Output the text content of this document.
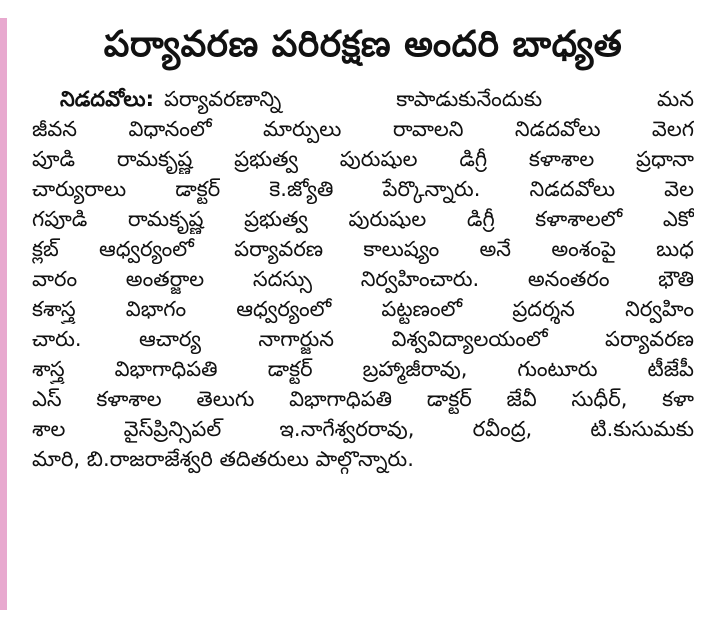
పర్యావరణ పరిరక్షణ అందరి బాధ్యత
నిడదవోలు: పర్యావరణాన్ని కాపాడుకునేందుకు మన
జీవన విధానంలో మార్పులు రావాలని నిడదవోలు వెలగ
పూడి రామకృష్ణ ప్రభుత్వ పురుషుల డిగ్రీ కళాశాల ప్రధానా
చార్యురాలు డాక్టర్ కె.జ్యోతి పేర్కొన్నారు. నిడదవోలు వెల
గపూడి రామకృష్ణ ప్రభుత్వ పురుషుల డిగ్రీ కళాశాలలో ఎకో
క్లబ్ ఆధ్వర్యంలో పర్యావరణ కాలుష్యం అనే అంశంపై బుధ
వారం అంతర్జాల సదస్సు నిర్వహించారు. అనంతరం భౌతి
కశాస్త్ర విభాగం ఆధ్వర్యంలో పట్టణంలో ప్రదర్శన నిర్వహిం
చారు. ఆచార్య నాగార్జున విశ్వవిద్యాలయంలో పర్యావరణ
శాస్త్ర విభాగాధిపతి డాక్టర్ బ్రహ్మాజీరావు, గుంటూరు టీజేపీ
ఎస్ కళాశాల తెలుగు విభాగాధిపతి డాక్టర్ జేవీ సుధీర్, కళా
శాల వైస్‌ప్రిన్సిపల్ ఇ.నాగేశ్వరరావు, రవీంద్ర, టి.కుసుమకు
మారి, బి.రాజరాజేశ్వరి తదితరులు పాల్గొన్నారు.
